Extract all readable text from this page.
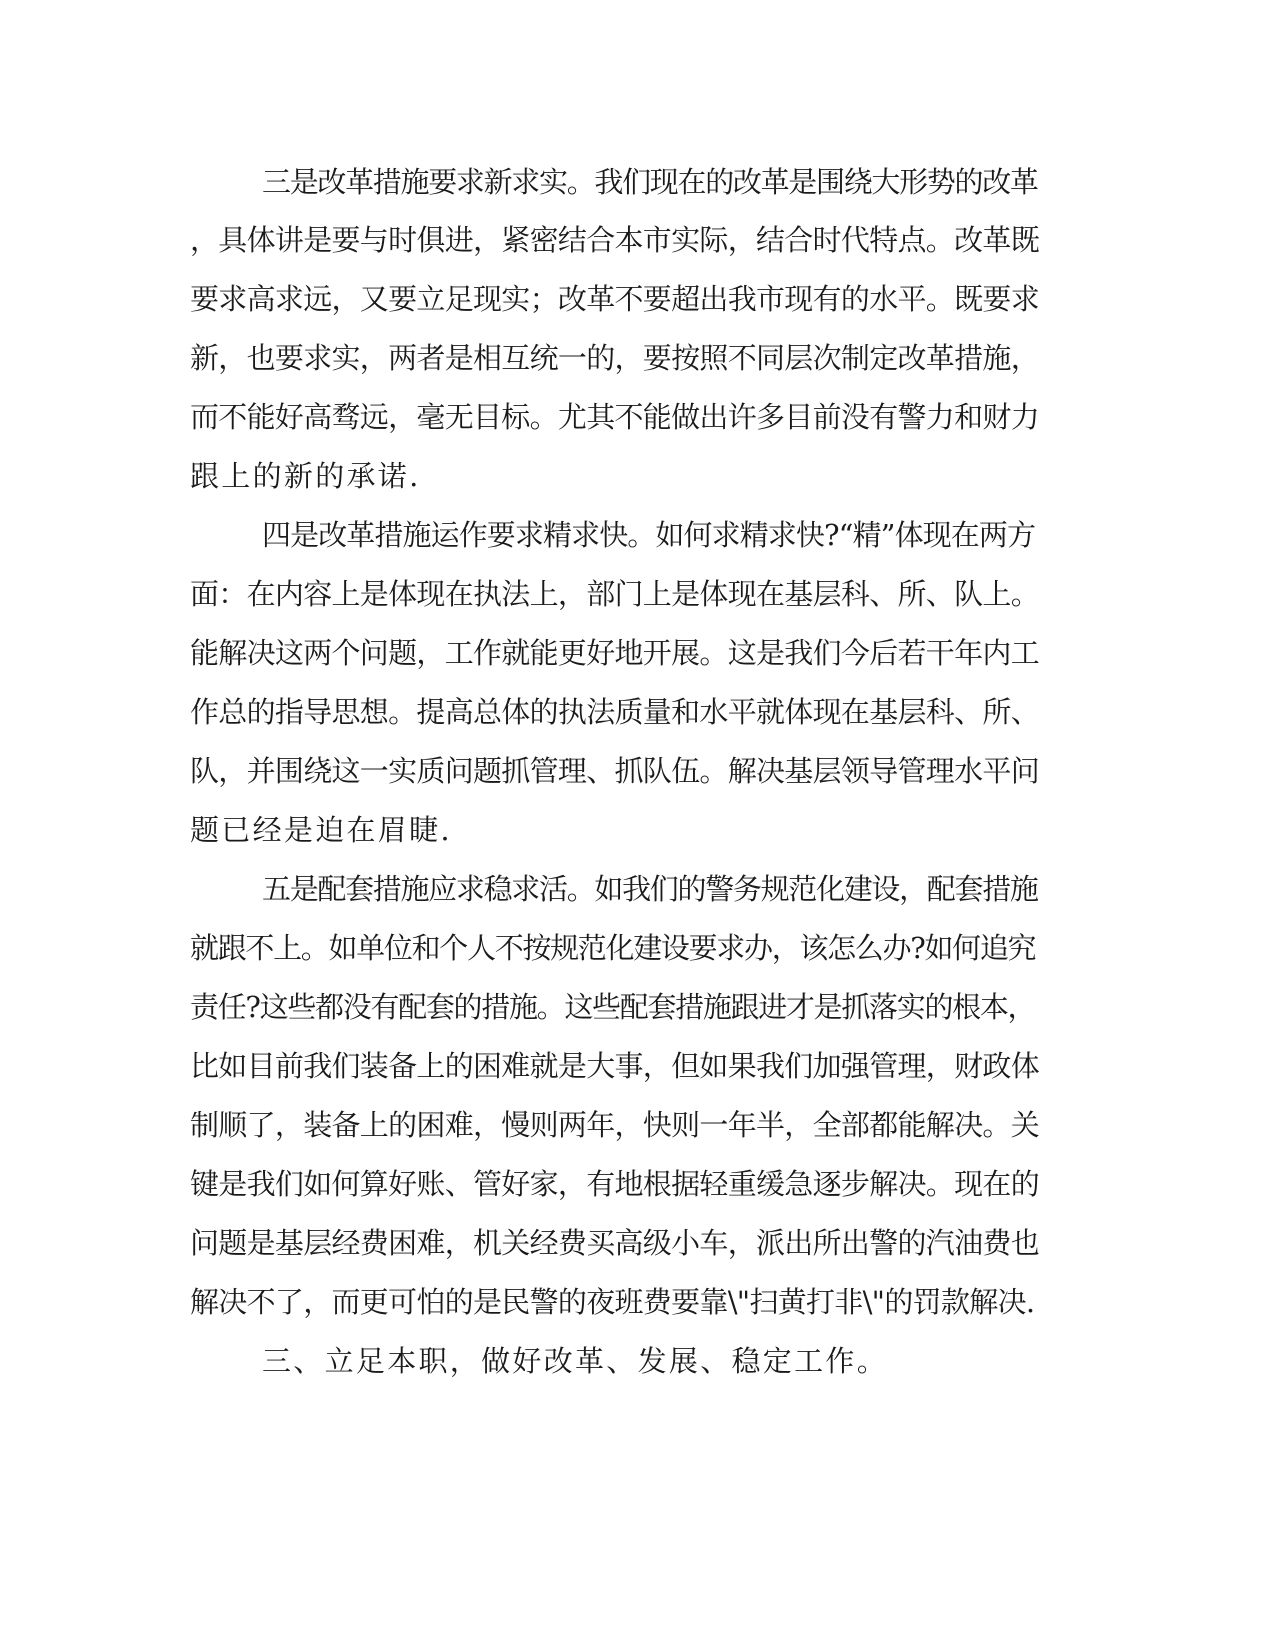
三是改革措施要求新求实。我们现在的改革是围绕大形势的改革
，具体讲是要与时俱进，紧密结合本市实际，结合时代特点。改革既
要求高求远，又要立足现实；改革不要超出我市现有的水平。既要求
新，也要求实，两者是相互统一的，要按照不同层次制定改革措施，
而不能好高骛远，毫无目标。尤其不能做出许多目前没有警力和财力
跟上的新的承诺.
四是改革措施运作要求精求快。如何求精求快?“精”体现在两方
面：在内容上是体现在执法上，部门上是体现在基层科、所、队上。
能解决这两个问题，工作就能更好地开展。这是我们今后若干年内工
作总的指导思想。提高总体的执法质量和水平就体现在基层科、所、
队，并围绕这一实质问题抓管理、抓队伍。解决基层领导管理水平问
题已经是迫在眉睫.
五是配套措施应求稳求活。如我们的警务规范化建设，配套措施
就跟不上。如单位和个人不按规范化建设要求办，该怎么办?如何追究
责任?这些都没有配套的措施。这些配套措施跟进才是抓落实的根本，
比如目前我们装备上的困难就是大事，但如果我们加强管理，财政体
制顺了，装备上的困难，慢则两年，快则一年半，全部都能解决。关
键是我们如何算好账、管好家，有地根据轻重缓急逐步解决。现在的
问题是基层经费困难，机关经费买高级小车，派出所出警的汽油费也
解决不了，而更可怕的是民警的夜班费要靠\"扫黄打非\"的罚款解决.
三、立足本职，做好改革、发展、稳定工作。
